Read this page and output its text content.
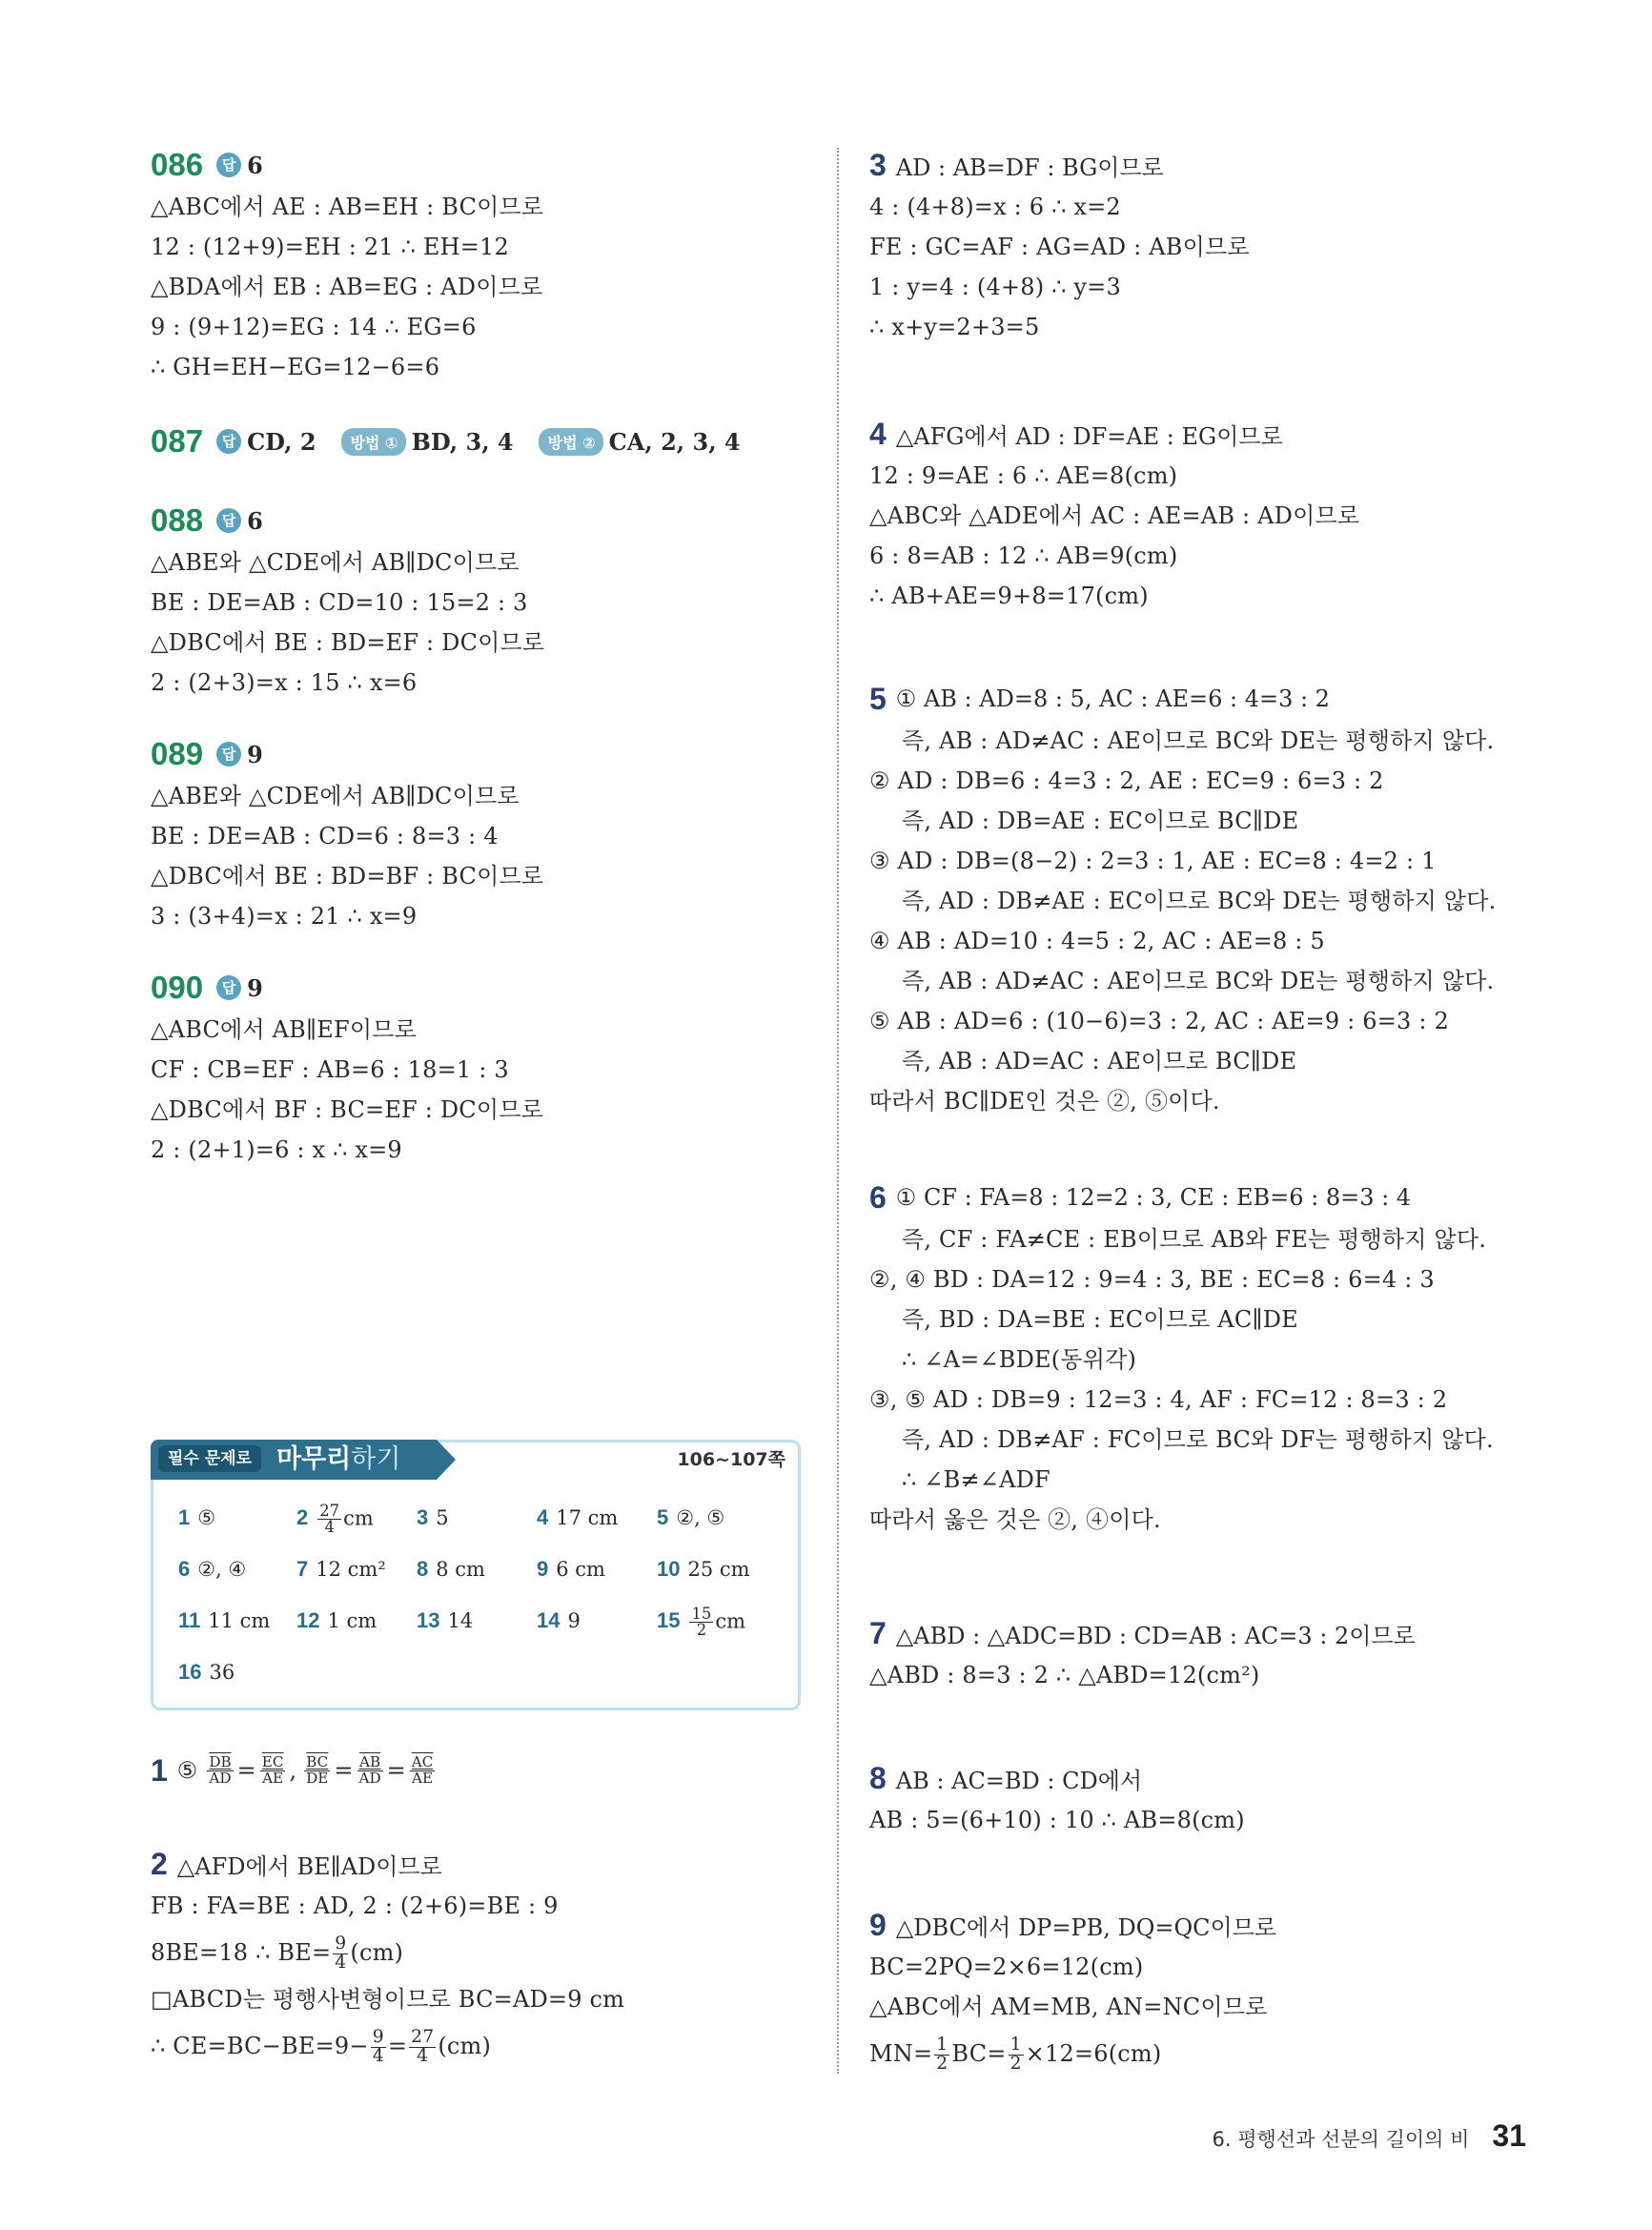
086	답 6
△ABC에서 AE : AB=EH : BC이므로
12 : (12+9)=EH : 21 ∴ EH=12
△BDA에서 EB : AB=EG : AD이므로
9 : (9+12)=EG : 14 ∴ EG=6
∴ GH=EH−EG=12−6=6
087	답 CD, 2	방법 ① BD, 3, 4	방법 ② CA, 2, 3, 4
088	답 6
△ABE와 △CDE에서 AB∥DC이므로
BE : DE=AB : CD=10 : 15=2 : 3
△DBC에서 BE : BD=EF : DC이므로
2 : (2+3)=x : 15 ∴ x=6
089	답 9
△ABE와 △CDE에서 AB∥DC이므로
BE : DE=AB : CD=6 : 8=3 : 4
△DBC에서 BE : BD=BF : BC이므로
3 : (3+4)=x : 21 ∴ x=9
090	답 9
△ABC에서 AB∥EF이므로
CF : CB=EF : AB=6 : 18=1 : 3
△DBC에서 BF : BC=EF : DC이므로
2 : (2+1)=6 : x ∴ x=9
필수 문제로 마무리하기	106~107쪽
1 ⑤	$2 \frac{27}{4}$ cm	3 5	4 17 cm	5 ②, ⑤
6 ②, ④	7 12 cm²	8 8 cm	9 6 cm	10 25 cm
11 11 cm	12 1 cm	13 14	14 9	$15 \frac{15}{2}$ cm
16 36
1 ⑤ $\frac{\overline{DB}}{AD} = \frac{\overline{EC}}{AE}$ , $\frac{\overline{BC}}{DE} = \frac{\overline{AB}}{AD} = \frac{\overline{AC}}{AE}$
2 △AFD에서 BE∥AD이므로
FB : FA=BE : AD, 2 : (2+6)=BE : 9
8BE=18 ∴ $BE= \frac{9}{4} (cm)$
□ABCD는 평행사변형이므로 BC=AD=9 cm
∴ $CE=BC-BE=9- \frac{9}{4} = \frac{27}{4} (cm)$
3 AD : AB=DF : BG이므로
4 : (4+8)=x : 6 ∴ x=2
FE : GC=AF : AG=AD : AB이므로
1 : y=4 : (4+8) ∴ y=3
∴ x+y=2+3=5
4 △AFG에서 AD : DF=AE : EG이므로
12 : 9=AE : 6 ∴ AE=8(cm)
△ABC와 △ADE에서 AC : AE=AB : AD이므로
6 : 8=AB : 12 ∴ AB=9(cm)
∴ AB+AE=9+8=17(cm)
5 ① AB : AD=8 : 5, AC : AE=6 : 4=3 : 2
즉, AB : AD≠AC : AE이므로 BC와 DE는 평행하지 않다.
② AD : DB=6 : 4=3 : 2, AE : EC=9 : 6=3 : 2
즉, AD : DB=AE : EC이므로 BC∥DE
③ AD : DB=(8−2) : 2=3 : 1, AE : EC=8 : 4=2 : 1
즉, AD : DB≠AE : EC이므로 BC와 DE는 평행하지 않다.
④ AB : AD=10 : 4=5 : 2, AC : AE=8 : 5
즉, AB : AD≠AC : AE이므로 BC와 DE는 평행하지 않다.
⑤ AB : AD=6 : (10−6)=3 : 2, AC : AE=9 : 6=3 : 2
즉, AB : AD=AC : AE이므로 BC∥DE
따라서 BC∥DE인 것은 ②, ⑤이다.
6 ① CF : FA=8 : 12=2 : 3, CE : EB=6 : 8=3 : 4
즉, CF : FA≠CE : EB이므로 AB와 FE는 평행하지 않다.
②, ④ BD : DA=12 : 9=4 : 3, BE : EC=8 : 6=4 : 3
즉, BD : DA=BE : EC이므로 AC∥DE
∴ ∠A=∠BDE(동위각)
③, ⑤ AD : DB=9 : 12=3 : 4, AF : FC=12 : 8=3 : 2
즉, AD : DB≠AF : FC이므로 BC와 DF는 평행하지 않다.
∴ ∠B≠∠ADF
따라서 옳은 것은 ②, ④이다.
7 △ABD : △ADC=BD : CD=AB : AC=3 : 2이므로
△ABD : 8=3 : 2 ∴ △ABD=12(cm²)
8 AB : AC=BD : CD에서
AB : 5=(6+10) : 10 ∴ AB=8(cm)
9 △DBC에서 DP=PB, DQ=QC이므로
BC=2PQ=2×6=12(cm)
△ABC에서 AM=MB, AN=NC이므로
$MN= \frac{1}{2} BC= \frac{1}{2} \times 12=6(cm)$
6. 평행선과 선분의 길이의 비 31
